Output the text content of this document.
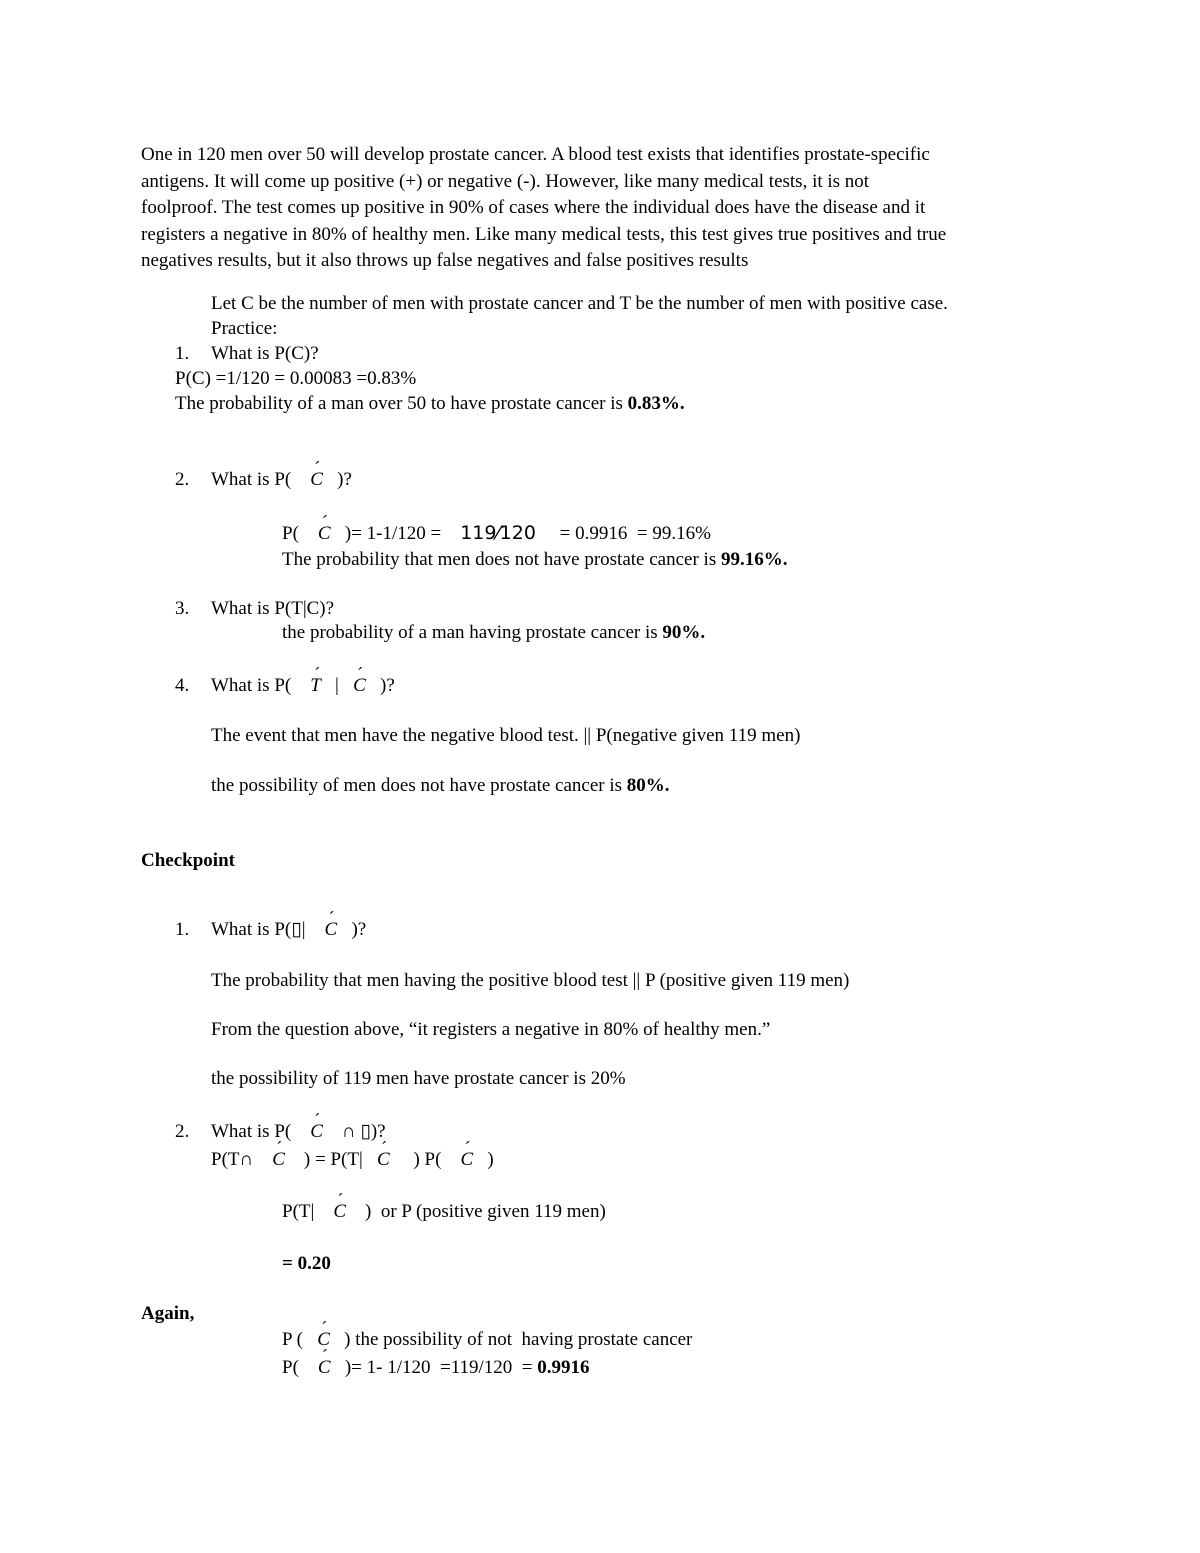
One in 120 men over 50 will develop prostate cancer. A blood test exists that identifies prostate-specific
antigens. It will come up positive (+) or negative (-). However, like many medical tests, it is not
foolproof. The test comes up positive in 90% of cases where the individual does have the disease and it
registers a negative in 80% of healthy men. Like many medical tests, this test gives true positives and true
negatives results, but it also throws up false negatives and false positives results
Let C be the number of men with prostate cancer and T be the number of men with positive case.
Practice:
1. What is P(C)?
P(C) =1/120 = 0.00083 =0.83%
The probability of a man over 50 to have prostate cancer is 0.83%.
2. What is P( C ´ )?
P( C ´ )= 1-1/120 = 119⁄120 = 0.9916  = 99.16%
The probability that men does not have prostate cancer is 99.16%.
3. What is P(T|C)?
the probability of a man having prostate cancer is 90%.
4. What is P( T ´ | C ´ )?
The event that men have the negative blood test. || P(negative given 119 men)
the possibility of men does not have prostate cancer is 80%.
Checkpoint
1. What is P(▯| C ´ )?
The probability that men having the positive blood test || P (positive given 119 men)
From the question above, “it registers a negative in 80% of healthy men.”
the possibility of 119 men have prostate cancer is 20%
2. What is P( C ´ ∩ ▯)?
P(T∩ C ´ ) = P(T| C ´ ) P( C ´ )
P(T| C ´ )  or P (positive given 119 men)
= 0.20
Again,
P ( C ´ ) the possibility of not  having prostate cancer
P( C ´ )= 1- 1/120  =119/120  = 0.9916
